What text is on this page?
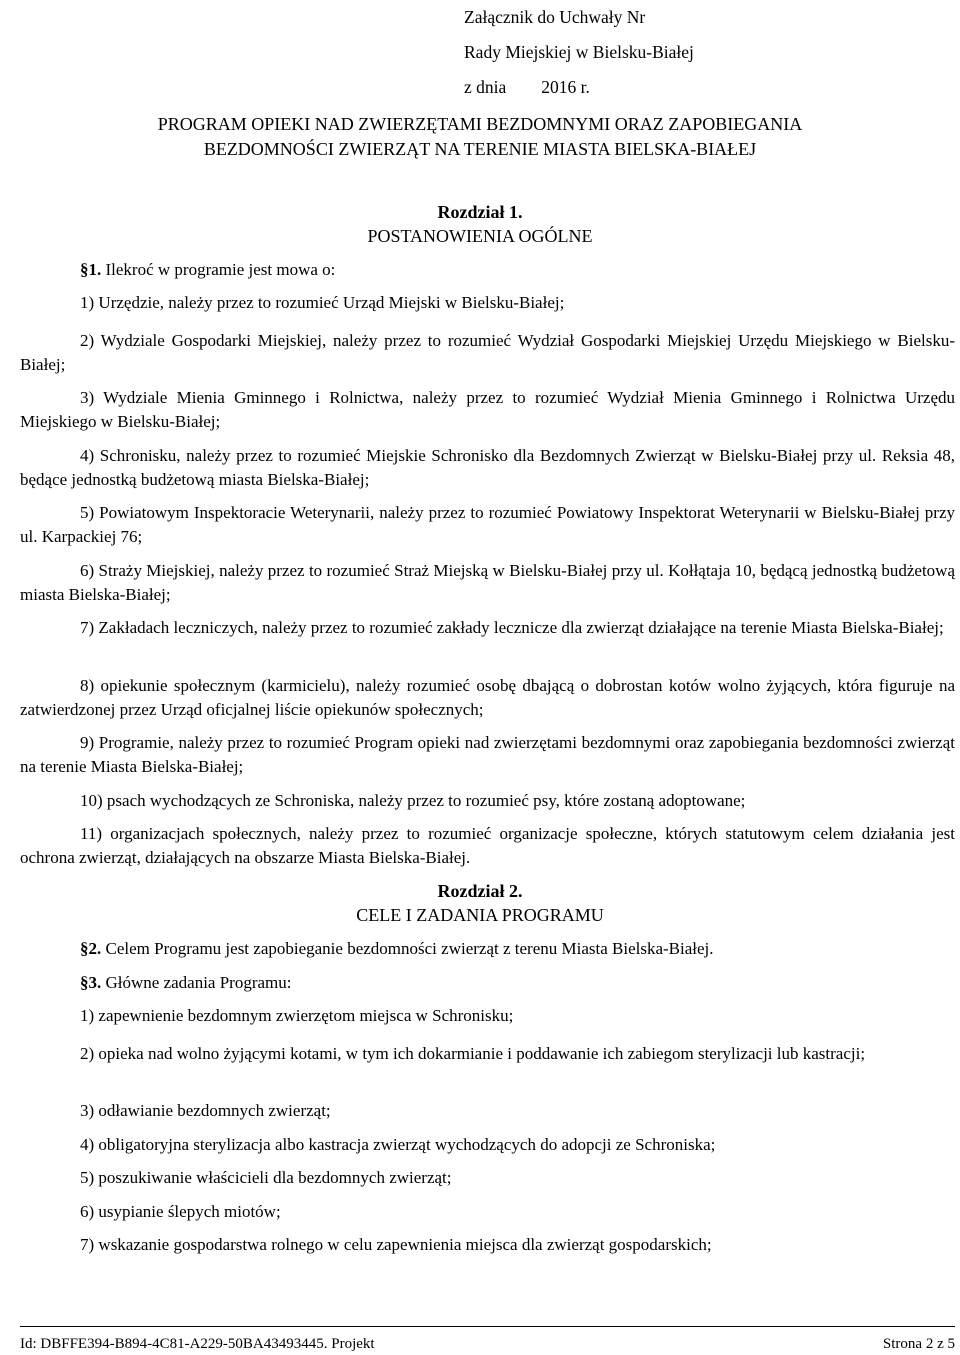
Załącznik do Uchwały Nr
Rady Miejskiej w Bielsku-Białej
z dnia        2016 r.
PROGRAM OPIEKI NAD ZWIERZĘTAMI BEZDOMNYMI ORAZ ZAPOBIEGANIA
BEZDOMNOŚCI ZWIERZĄT NA TERENIE MIASTA BIELSKA-BIAŁEJ
Rozdział 1.
POSTANOWIENIA OGÓLNE

§1. Ilekroć w programie jest mowa o:

1) Urzędzie, należy przez to rozumieć Urząd Miejski w Bielsku-Białej;

2) Wydziale Gospodarki Miejskiej, należy przez to rozumieć Wydział Gospodarki Miejskiej Urzędu Miejskiego w Bielsku-Białej;

3) Wydziale Mienia Gminnego i Rolnictwa, należy przez to rozumieć Wydział Mienia Gminnego i Rolnictwa Urzędu Miejskiego w Bielsku-Białej;

4) Schronisku, należy przez to rozumieć Miejskie Schronisko dla Bezdomnych Zwierząt w Bielsku-Białej przy ul. Reksia 48, będące jednostką budżetową miasta Bielska-Białej;

5) Powiatowym Inspektoracie Weterynarii, należy przez to rozumieć Powiatowy Inspektorat Weterynarii w Bielsku-Białej przy ul. Karpackiej 76;

6) Straży Miejskiej, należy przez to rozumieć Straż Miejską w Bielsku-Białej przy ul. Kołłątaja 10, będącą jednostką budżetową miasta Bielska-Białej;

7) Zakładach leczniczych, należy przez to rozumieć zakłady lecznicze dla zwierząt działające na terenie Miasta Bielska-Białej;

8) opiekunie społecznym (karmicielu), należy rozumieć osobę dbającą o dobrostan kotów wolno żyjących, która figuruje na zatwierdzonej przez Urząd oficjalnej liście opiekunów społecznych;

9) Programie, należy przez to rozumieć Program opieki nad zwierzętami bezdomnymi oraz zapobiegania bezdomności zwierząt na terenie Miasta Bielska-Białej;

10) psach wychodzących ze Schroniska, należy przez to rozumieć psy, które zostaną adoptowane;

11) organizacjach społecznych, należy przez to rozumieć organizacje społeczne, których statutowym celem działania jest ochrona zwierząt, działających na obszarze Miasta Bielska-Białej.

Rozdział 2.
CELE I ZADANIA PROGRAMU

§2. Celem Programu jest zapobieganie bezdomności zwierząt z terenu Miasta Bielska-Białej.

§3. Główne zadania Programu:

1) zapewnienie bezdomnym zwierzętom miejsca w Schronisku;

2) opieka nad wolno żyjącymi kotami, w tym ich dokarmianie i poddawanie ich zabiegom sterylizacji lub kastracji;

3) odławianie bezdomnych zwierząt;

4) obligatoryjna sterylizacja albo kastracja zwierząt wychodzących do adopcji ze Schroniska;

5) poszukiwanie właścicieli dla bezdomnych zwierząt;

6) usypianie ślepych miotów;

7) wskazanie gospodarstwa rolnego w celu zapewnienia miejsca dla zwierząt gospodarskich;

Id: DBFFE394-B894-4C81-A229-50BA43493445. Projekt	Strona 2 z 5
